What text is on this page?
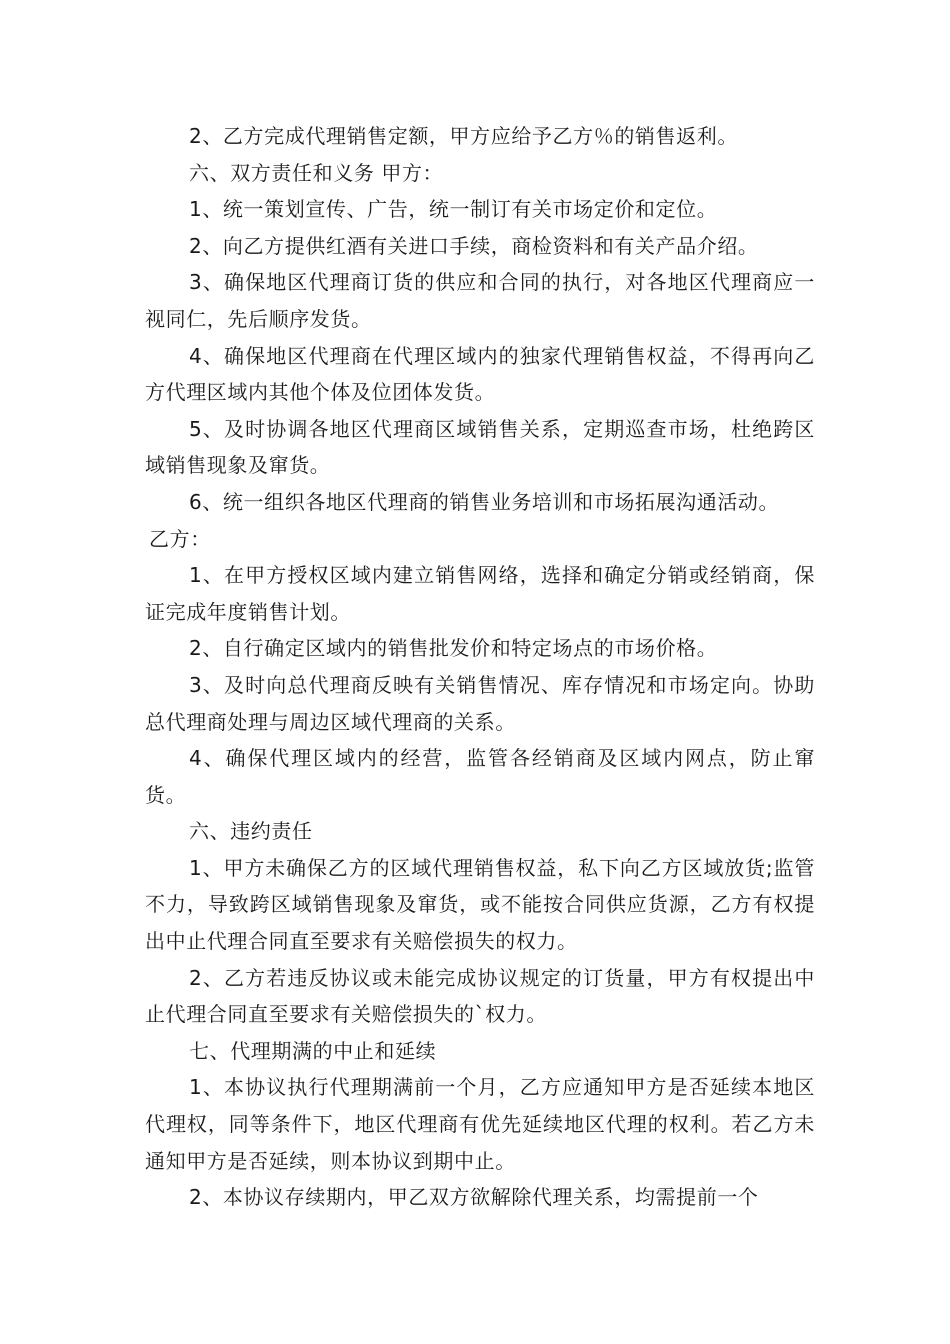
2、乙方完成代理销售定额，甲方应给予乙方％的销售返利。

六、双方责任和义务 甲方：

1、统一策划宣传、广告，统一制订有关市场定价和定位。

2、向乙方提供红酒有关进口手续，商检资料和有关产品介绍。

3、确保地区代理商订货的供应和合同的执行，对各地区代理商应一视同仁，先后顺序发货。

4、确保地区代理商在代理区域内的独家代理销售权益，不得再向乙方代理区域内其他个体及位团体发货。

5、及时协调各地区代理商区域销售关系，定期巡查市场，杜绝跨区域销售现象及窜货。

6、统一组织各地区代理商的销售业务培训和市场拓展沟通活动。

乙方：

1、在甲方授权区域内建立销售网络，选择和确定分销或经销商，保证完成年度销售计划。

2、自行确定区域内的销售批发价和特定场点的市场价格。

3、及时向总代理商反映有关销售情况、库存情况和市场定向。协助总代理商处理与周边区域代理商的关系。

4、确保代理区域内的经营，监管各经销商及区域内网点，防止窜货。

六、违约责任

1、甲方未确保乙方的区域代理销售权益，私下向乙方区域放货;监管不力，导致跨区域销售现象及窜货，或不能按合同供应货源，乙方有权提出中止代理合同直至要求有关赔偿损失的权力。

2、乙方若违反协议或未能完成协议规定的订货量，甲方有权提出中止代理合同直至要求有关赔偿损失的`权力。

七、代理期满的中止和延续

1、本协议执行代理期满前一个月，乙方应通知甲方是否延续本地区代理权，同等条件下，地区代理商有优先延续地区代理的权利。若乙方未通知甲方是否延续，则本协议到期中止。

2、本协议存续期内，甲乙双方欲解除代理关系，均需提前一个
